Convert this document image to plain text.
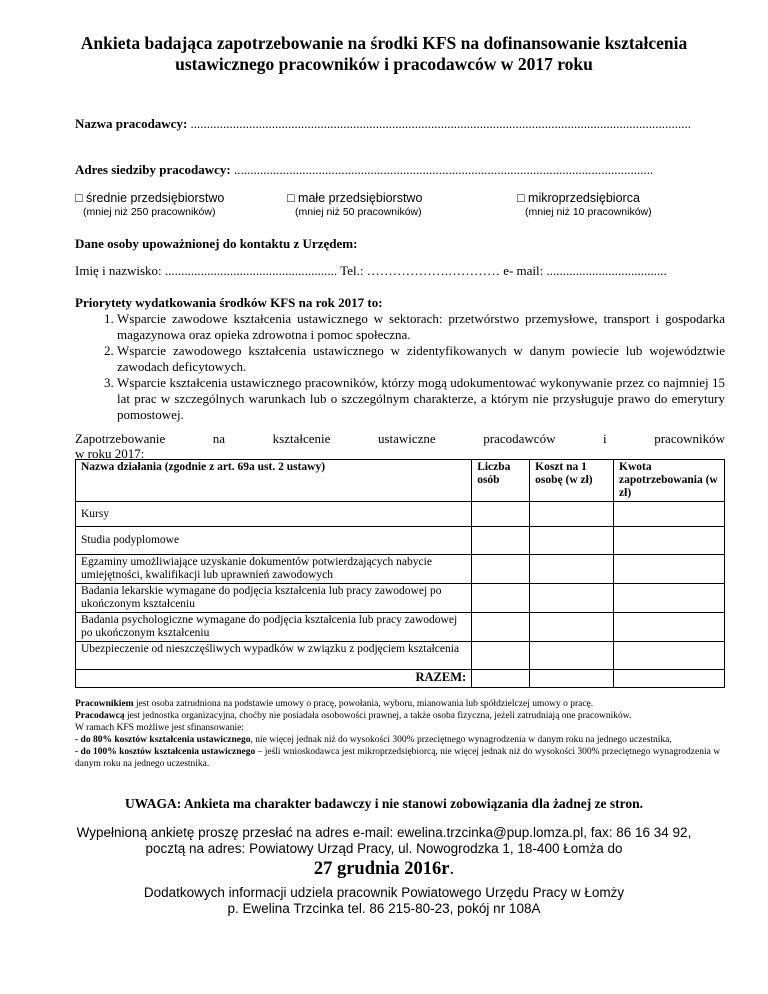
Ankieta badająca zapotrzebowanie na środki KFS na dofinansowanie kształcenia
ustawicznego pracowników i pracodawców w 2017 roku
Nazwa pracodawcy: ..........................................................................................................................................................
Adres siedziby pracodawcy: .................................................................................................................................
□ średnie przedsiębiorstwo
(mniej niż 250 pracowników)
□ małe przedsiębiorstwo
(mniej niż 50 pracowników)
□ mikroprzedsiębiorca
(mniej niż 10 pracowników)
Dane osoby upoważnionej do kontaktu z Urzędem:
Imię i nazwisko: ..................................................... Tel.: ……………….………… e- mail: .....................................
Priorytety wydatkowania środków KFS na rok 2017 to:
1. Wsparcie zawodowe kształcenia ustawicznego w sektorach: przetwórstwo przemysłowe, transport i gospodarka magazynowa oraz opieka zdrowotna i pomoc społeczna.
2. Wsparcie zawodowego kształcenia ustawicznego w zidentyfikowanych w danym powiecie lub województwie zawodach deficytowych.
3. Wsparcie kształcenia ustawicznego pracowników, którzy mogą udokumentować wykonywanie przez co najmniej 15 lat prac w szczególnych warunkach lub o szczególnym charakterze, a którym nie przysługuje prawo do emerytury pomostowej.
Zapotrzebowanie	na	kształcenie	ustawiczne	pracodawców	i	pracowników
w roku 2017:
Nazwa działania (zgodnie z art. 69a ust. 2 ustawy)	Liczba osób	Koszt na 1 osobę (w zł)	Kwota zapotrzebowania (w zł)
Kursy			
Studia podyplomowe			
Egzaminy umożliwiające uzyskanie dokumentów potwierdzających nabycie umiejętności, kwalifikacji lub uprawnień zawodowych			
Badania lekarskie wymagane do podjęcia kształcenia lub pracy zawodowej po ukończonym kształceniu			
Badania psychologiczne wymagane do podjęcia kształcenia lub pracy zawodowej po ukończonym kształceniu			
Ubezpieczenie od nieszczęśliwych wypadków w związku z podjęciem kształcenia			
RAZEM:			
Pracownikiem jest osoba zatrudniona na podstawie umowy o pracę, powołania, wyboru, mianowania lub spółdzielczej umowy o pracę.
Pracodawcą jest jednostka organizacyjna, choćby nie posiadała osobowości prawnej, a także osoba fizyczna, jeżeli zatrudniają one pracowników.
W ramach KFS możliwe jest sfinansowanie:
- do 80% kosztów kształcenia ustawicznego, nie więcej jednak niż do wysokości 300% przeciętnego wynagrodzenia w danym roku na jednego uczestnika,
- do 100% kosztów kształcenia ustawicznego – jeśli wnioskodawca jest mikroprzedsiębiorcą, nie więcej jednak niż do wysokości 300% przeciętnego wynagrodzenia w danym roku na jednego uczestnika.
UWAGA: Ankieta ma charakter badawczy i nie stanowi zobowiązania dla żadnej ze stron.
Wypełnioną ankietę proszę przesłać na adres e-mail: ewelina.trzcinka@pup.lomza.pl, fax: 86 16 34 92,
pocztą na adres: Powiatowy Urząd Pracy, ul. Nowogrodzka 1, 18-400 Łomża do
27 grudnia 2016r.
Dodatkowych informacji udziela pracownik Powiatowego Urzędu Pracy w Łomży
p. Ewelina Trzcinka tel. 86 215-80-23, pokój nr 108A
